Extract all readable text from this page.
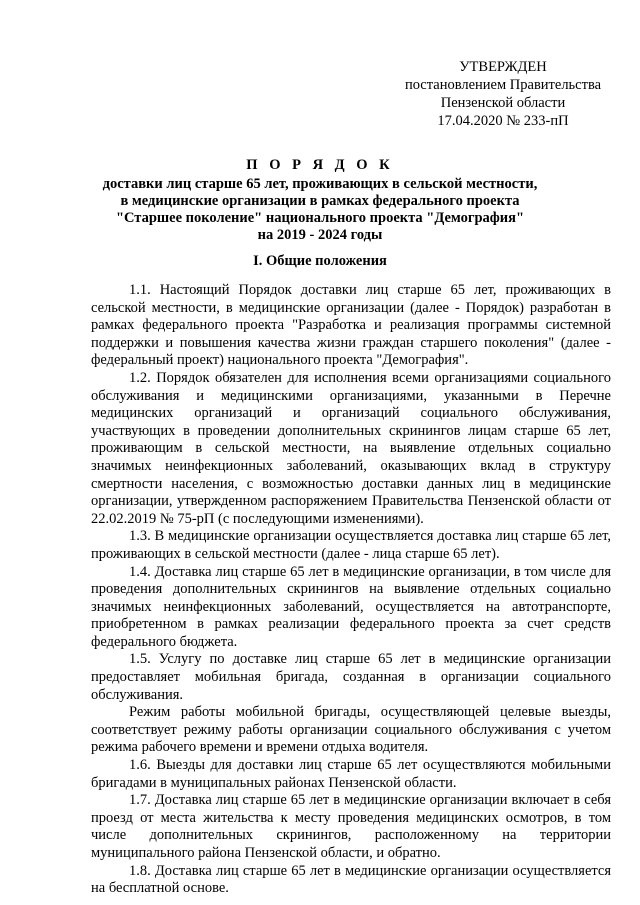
УТВЕРЖДЕН
постановлением Правительства
Пензенской области
17.04.2020 № 233-пП
П О Р Я Д О К
доставки лиц старше 65 лет, проживающих в сельской местности,
в медицинские организации в рамках федерального проекта
"Старшее поколение" национального проекта "Демография"
на 2019 - 2024 годы
I. Общие положения

1.1. Настоящий Порядок доставки лиц старше 65 лет, проживающих в сельской местности, в медицинские организации (далее - Порядок) разработан в рамках федерального проекта "Разработка и реализация программы системной поддержки и повышения качества жизни граждан старшего поколения" (далее - федеральный проект) национального проекта "Демография".

1.2. Порядок обязателен для исполнения всеми организациями социального обслуживания и медицинскими организациями, указанными в Перечне медицинских организаций и организаций социального обслуживания, участвующих в проведении дополнительных скринингов лицам старше 65 лет, проживающим в сельской местности, на выявление отдельных социально значимых неинфекционных заболеваний, оказывающих вклад в структуру смертности населения, с возможностью доставки данных лиц в медицинские организации, утвержденном распоряжением Правительства Пензенской области от 22.02.2019 № 75-рП (с последующими изменениями).

1.3. В медицинские организации осуществляется доставка лиц старше 65 лет, проживающих в сельской местности (далее - лица старше 65 лет).

1.4. Доставка лиц старше 65 лет в медицинские организации, в том числе для проведения дополнительных скринингов на выявление отдельных социально значимых неинфекционных заболеваний, осуществляется на автотранспорте, приобретенном в рамках реализации федерального проекта за счет средств федерального бюджета.

1.5. Услугу по доставке лиц старше 65 лет в медицинские организации предоставляет мобильная бригада, созданная в организации социального обслуживания.

Режим работы мобильной бригады, осуществляющей целевые выезды, соответствует режиму работы организации социального обслуживания с учетом режима рабочего времени и времени отдыха водителя.

1.6. Выезды для доставки лиц старше 65 лет осуществляются мобильными бригадами в муниципальных районах Пензенской области.

1.7. Доставка лиц старше 65 лет в медицинские организации включает в себя проезд от места жительства к месту проведения медицинских осмотров, в том числе дополнительных скринингов, расположенному на территории муниципального района Пензенской области, и обратно.

1.8. Доставка лиц старше 65 лет в медицинские организации осуществляется на бесплатной основе.
